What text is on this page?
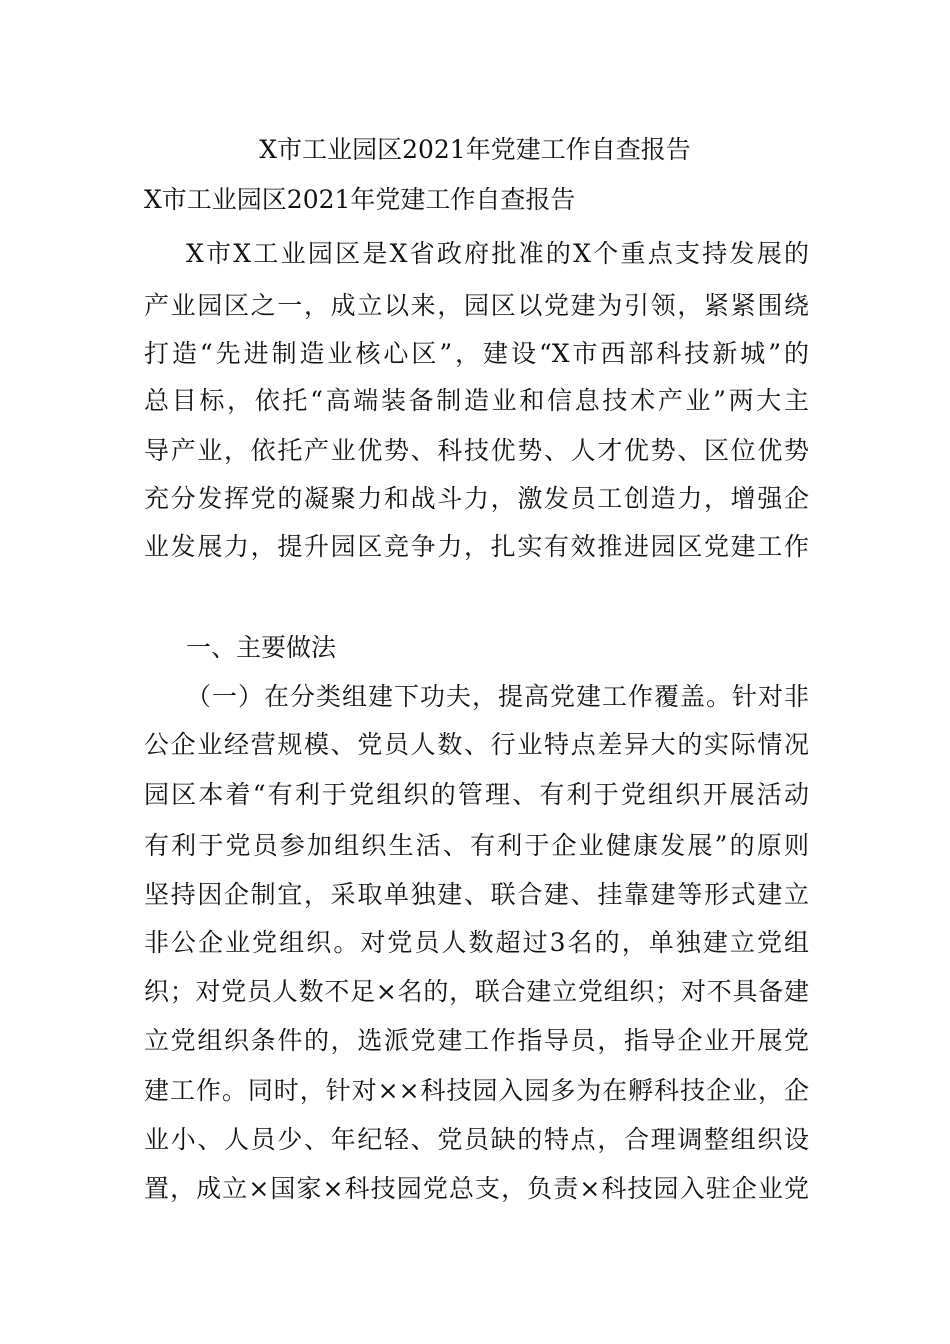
X市工业园区2021年党建工作自查报告
X市工业园区2021年党建工作自查报告
X市X工业园区是X省政府批准的X个重点支持发展的
产业园区之一，成立以来，园区以党建为引领，紧紧围绕
打造“先进制造业核心区”，建设“X市西部科技新城”的
总目标，依托“高端装备制造业和信息技术产业”两大主
导产业，依托产业优势、科技优势、人才优势、区位优势
充分发挥党的凝聚力和战斗力，激发员工创造力，增强企
业发展力，提升园区竞争力，扎实有效推进园区党建工作
一、主要做法
（一）在分类组建下功夫，提高党建工作覆盖。针对非
公企业经营规模、党员人数、行业特点差异大的实际情况
园区本着“有利于党组织的管理、有利于党组织开展活动
有利于党员参加组织生活、有利于企业健康发展”的原则
坚持因企制宜，采取单独建、联合建、挂靠建等形式建立
非公企业党组织。对党员人数超过3名的，单独建立党组
织；对党员人数不足×名的，联合建立党组织；对不具备建
立党组织条件的，选派党建工作指导员，指导企业开展党
建工作。同时，针对××科技园入园多为在孵科技企业，企
业小、人员少、年纪轻、党员缺的特点，合理调整组织设
置，成立×国家×科技园党总支，负责×科技园入驻企业党
